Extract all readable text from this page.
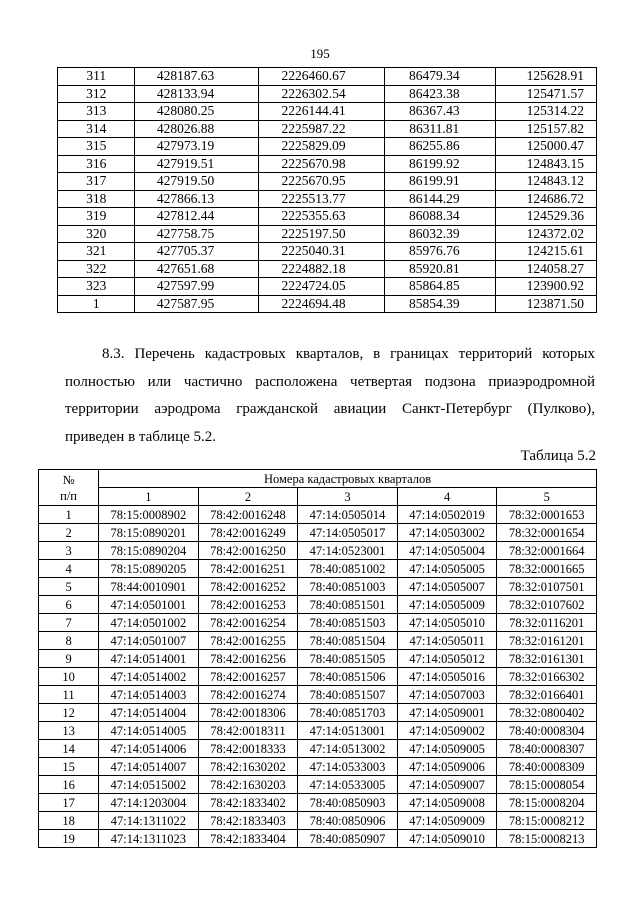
195
311	428187.63	2226460.67	86479.34	125628.91
312	428133.94	2226302.54	86423.38	125471.57
313	428080.25	2226144.41	86367.43	125314.22
314	428026.88	2225987.22	86311.81	125157.82
315	427973.19	2225829.09	86255.86	125000.47
316	427919.51	2225670.98	86199.92	124843.15
317	427919.50	2225670.95	86199.91	124843.12
318	427866.13	2225513.77	86144.29	124686.72
319	427812.44	2225355.63	86088.34	124529.36
320	427758.75	2225197.50	86032.39	124372.02
321	427705.37	2225040.31	85976.76	124215.61
322	427651.68	2224882.18	85920.81	124058.27
323	427597.99	2224724.05	85864.85	123900.92
1	427587.95	2224694.48	85854.39	123871.50
8.3. Перечень кадастровых кварталов, в границах территорий которых
полностью или частично расположена четвертая подзона приаэродромной
территории аэродрома гражданской авиации Санкт-Петербург (Пулково),
приведен в таблице 5.2.
Таблица 5.2
№
п/п	Номера кадастровых кварталов				
	1	2	3	4	5
1	78:15:0008902	78:42:0016248	47:14:0505014	47:14:0502019	78:32:0001653
2	78:15:0890201	78:42:0016249	47:14:0505017	47:14:0503002	78:32:0001654
3	78:15:0890204	78:42:0016250	47:14:0523001	47:14:0505004	78:32:0001664
4	78:15:0890205	78:42:0016251	78:40:0851002	47:14:0505005	78:32:0001665
5	78:44:0010901	78:42:0016252	78:40:0851003	47:14:0505007	78:32:0107501
6	47:14:0501001	78:42:0016253	78:40:0851501	47:14:0505009	78:32:0107602
7	47:14:0501002	78:42:0016254	78:40:0851503	47:14:0505010	78:32:0116201
8	47:14:0501007	78:42:0016255	78:40:0851504	47:14:0505011	78:32:0161201
9	47:14:0514001	78:42:0016256	78:40:0851505	47:14:0505012	78:32:0161301
10	47:14:0514002	78:42:0016257	78:40:0851506	47:14:0505016	78:32:0166302
11	47:14:0514003	78:42:0016274	78:40:0851507	47:14:0507003	78:32:0166401
12	47:14:0514004	78:42:0018306	78:40:0851703	47:14:0509001	78:32:0800402
13	47:14:0514005	78:42:0018311	47:14:0513001	47:14:0509002	78:40:0008304
14	47:14:0514006	78:42:0018333	47:14:0513002	47:14:0509005	78:40:0008307
15	47:14:0514007	78:42:1630202	47:14:0533003	47:14:0509006	78:40:0008309
16	47:14:0515002	78:42:1630203	47:14:0533005	47:14:0509007	78:15:0008054
17	47:14:1203004	78:42:1833402	78:40:0850903	47:14:0509008	78:15:0008204
18	47:14:1311022	78:42:1833403	78:40:0850906	47:14:0509009	78:15:0008212
19	47:14:1311023	78:42:1833404	78:40:0850907	47:14:0509010	78:15:0008213
